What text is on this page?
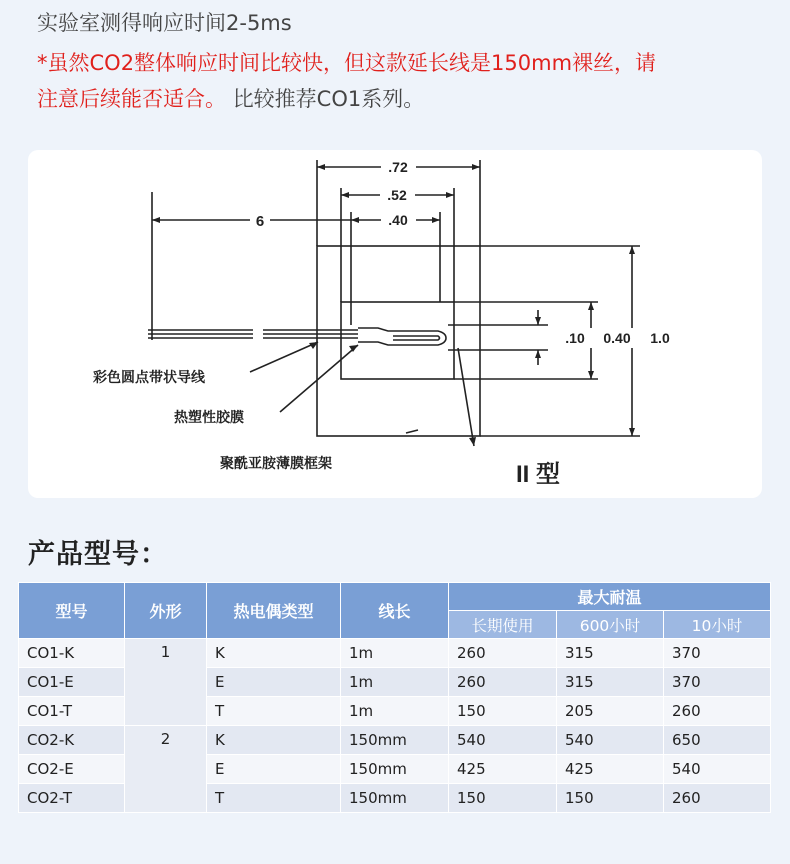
实验室测得响应时间2-5ms
*虽然CO2整体响应时间比较快，但这款延长线是150mm裸丝，请
注意后续能否适合。 比较推荐CO1系列。
.72
.52
.40
6
.10 0.40 1.0
彩色圆点带状导线
热塑性胶膜
聚酰亚胺薄膜框架	II 型
产品型号：
型号	外形	热电偶类型	线长	最大耐温		
				长期使用	600小时	10小时
CO1-K	1	K	1m	260	315	370
CO1-E		E	1m	260	315	370
CO1-T		T	1m	150	205	260
CO2-K	2	K	150mm	540	540	650
CO2-E		E	150mm	425	425	540
CO2-T		T	150mm	150	150	260
